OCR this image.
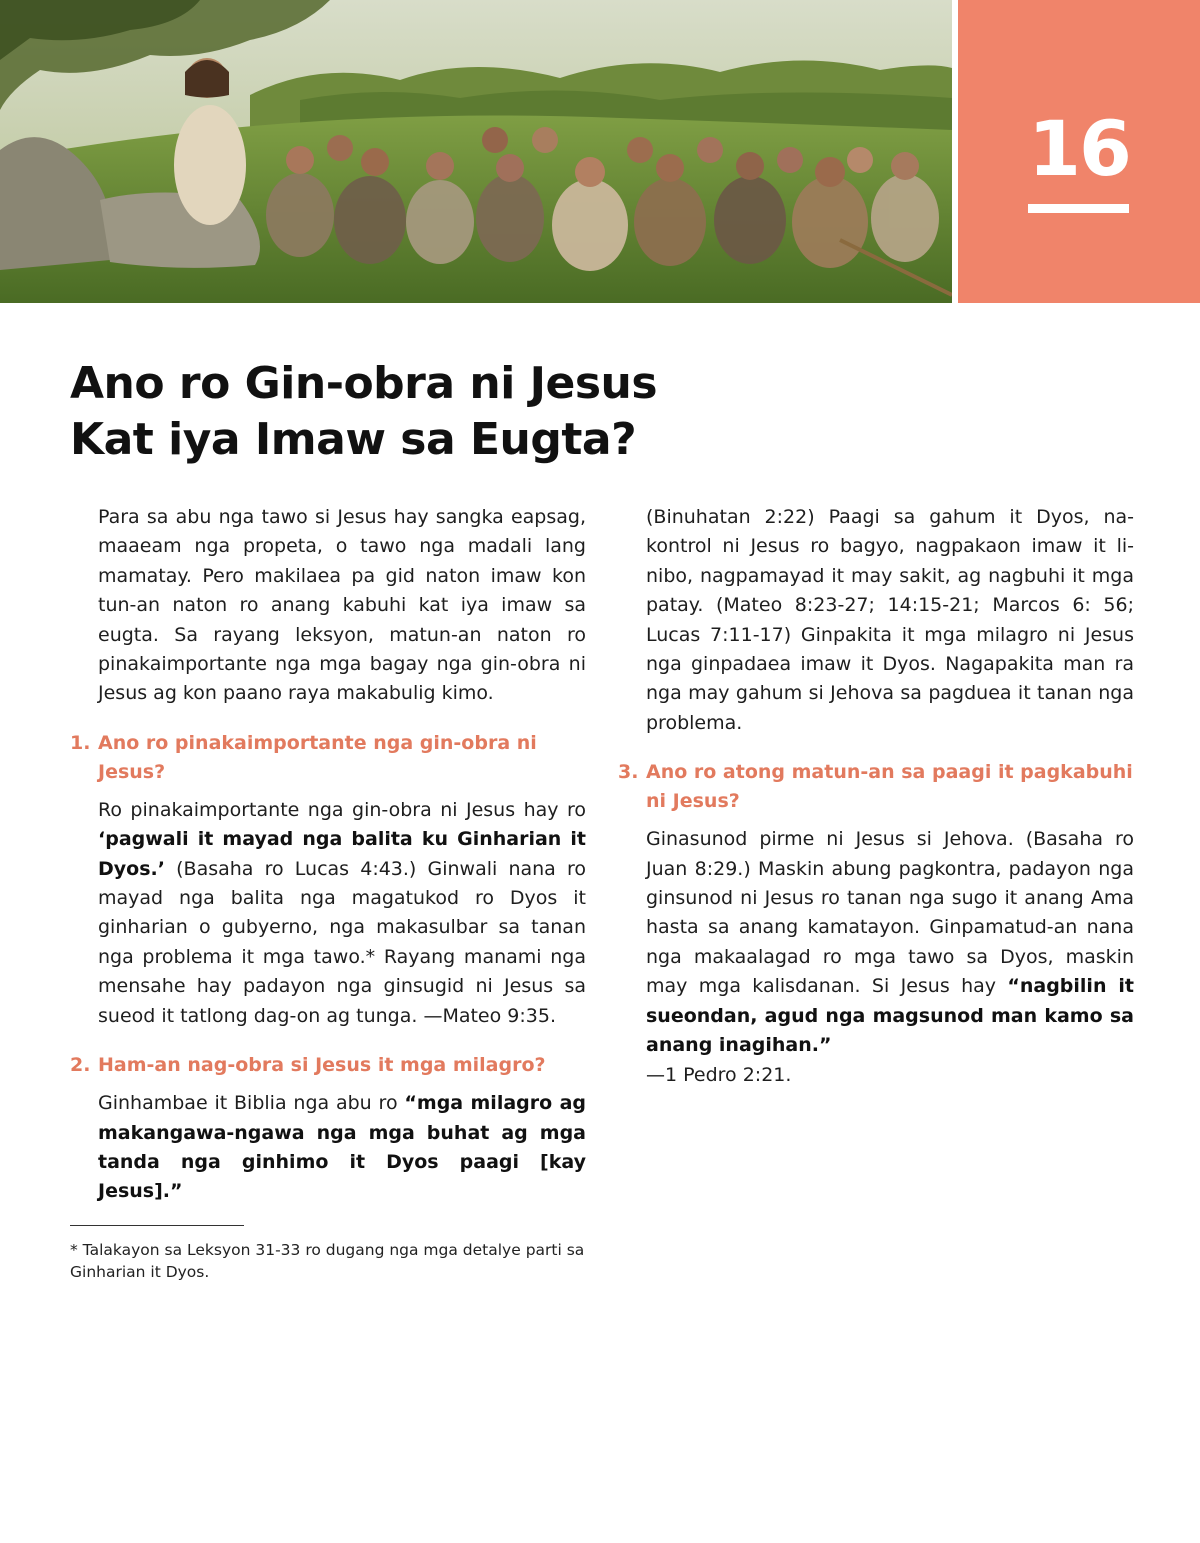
16
Ano ro Gin-obra ni Jesus
Kat iya Imaw sa Eugta?

Para sa abu nga tawo si Jesus hay sangka eapsag, maaeam nga propeta, o tawo nga madali lang mamatay. Pero makilaea pa gid naton imaw kon tun-an naton ro anang kabuhi kat iya imaw sa eugta. Sa rayang leksyon, matun-an naton ro pinakaimportante nga mga bagay nga gin-obra ni Jesus ag kon paano raya makabulig kimo.

1. Ano ro pinakaimportante nga gin-obra ni Jesus?

Ro pinakaimportante nga gin-obra ni Jesus hay ro ‘pagwali it mayad nga balita ku Ginharian it Dyos.’ (Basaha ro Lucas 4:43.) Ginwali nana ro mayad nga balita nga magatukod ro Dyos it ginharian o gubyerno, nga makasulbar sa tanan nga problema it mga tawo.* Rayang manami nga mensahe hay padayon nga ginsugid ni Jesus sa sueod it tatlong dag-on ag tunga. —Mateo 9:35.

2. Ham-an nag-obra si Jesus it mga milagro?

Ginhambae it Biblia nga abu ro “mga milagro ag makangawa-ngawa nga mga buhat ag mga tanda nga ginhimo it Dyos paagi [kay Jesus].”

* Talakayon sa Leksyon 31-33 ro dugang nga mga detalye parti sa Ginharian it Dyos.

(Binuhatan 2:22) Paagi sa gahum it Dyos, nakontrol ni Jesus ro bagyo, nagpakaon imaw it linibo, nagpamayad it may sakit, ag nagbuhi it mga patay. (Mateo 8:23-27; 14:15-21; Marcos 6: 56; Lucas 7:11-17) Ginpakita it mga milagro ni Jesus nga ginpadaea imaw it Dyos. Nagapakita man ra nga may gahum si Jehova sa pagduea it tanan nga problema.

3. Ano ro atong matun-an sa paagi it pagkabuhi ni Jesus?

Ginasunod pirme ni Jesus si Jehova. (Basaha ro Juan 8:29.) Maskin abung pagkontra, padayon nga ginsunod ni Jesus ro tanan nga sugo it anang Ama hasta sa anang kamatayon. Ginpamatud-an nana nga makaalagad ro mga tawo sa Dyos, maskin may mga kalisdanan. Si Jesus hay “nagbilin it sueondan, agud nga magsunod man kamo sa anang inagihan.”
—1 Pedro 2:21.
